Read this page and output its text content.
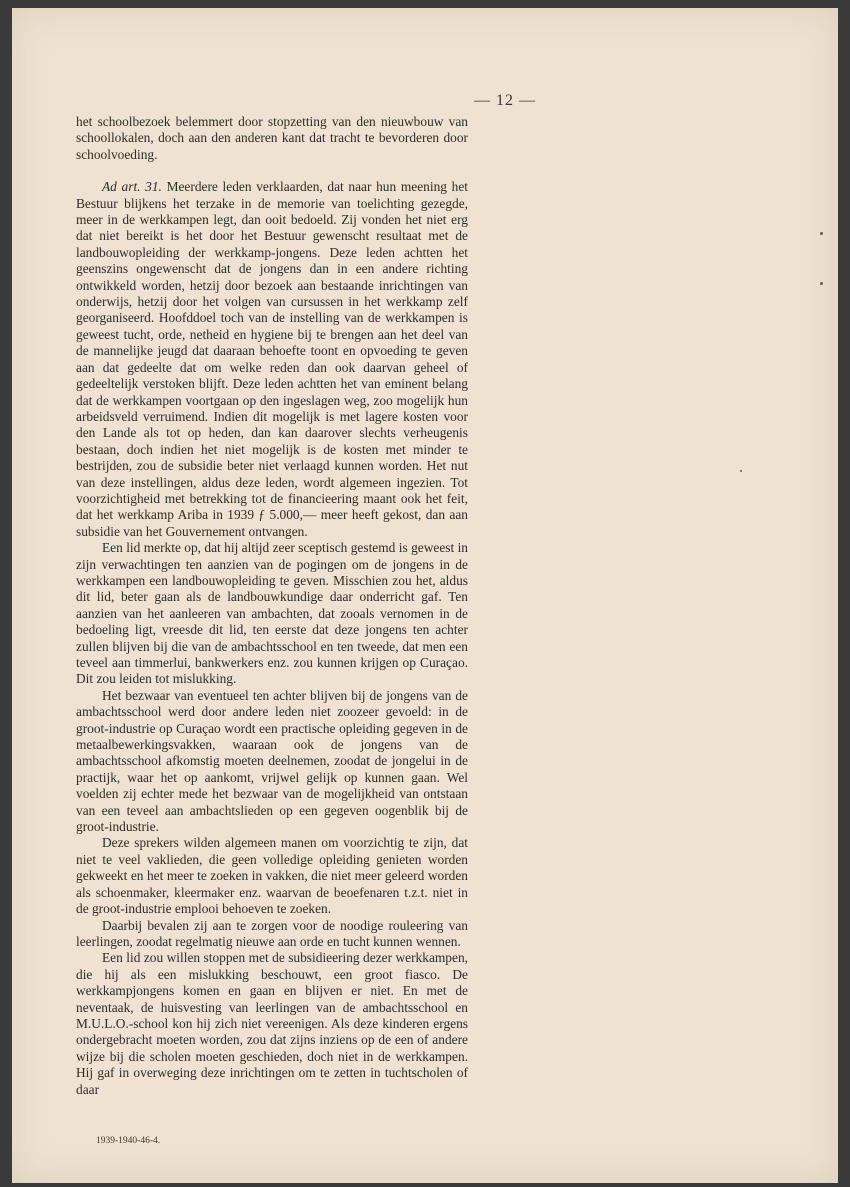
— 12 —

het schoolbezoek belemmert door stopzetting van den nieuwbouw van schoollokalen, doch aan den anderen kant dat tracht te bevorderen door schoolvoeding.

Ad art. 31. Meerdere leden verklaarden, dat naar hun meening het Bestuur blijkens het terzake in de memorie van toelichting gezegde, meer in de werkkampen legt, dan ooit bedoeld. Zij vonden het niet erg dat niet bereikt is het door het Bestuur gewenscht resultaat met de landbouwopleiding der werkkamp-jongens. Deze leden achtten het geenszins ongewenscht dat de jongens dan in een andere richting ontwikkeld worden, hetzij door bezoek aan bestaande inrichtingen van onderwijs, hetzij door het volgen van cursussen in het werkkamp zelf georganiseerd. Hoofddoel toch van de instelling van de werkkampen is geweest tucht, orde, netheid en hygiene bij te brengen aan het deel van de mannelijke jeugd dat daaraan behoefte toont en opvoeding te geven aan dat gedeelte dat om welke reden dan ook daarvan geheel of gedeeltelijk verstoken blijft. Deze leden achtten het van eminent belang dat de werkkampen voortgaan op den ingeslagen weg, zoo mogelijk hun arbeidsveld verruimend. Indien dit mogelijk is met lagere kosten voor den Lande als tot op heden, dan kan daarover slechts verheugenis bestaan, doch indien het niet mogelijk is de kosten met minder te bestrijden, zou de subsidie beter niet verlaagd kunnen worden. Het nut van deze instellingen, aldus deze leden, wordt algemeen ingezien. Tot voorzichtigheid met betrekking tot de financieering maant ook het feit, dat het werkkamp Ariba in 1939 ƒ 5.000,— meer heeft gekost, dan aan subsidie van het Gouvernement ontvangen.

Een lid merkte op, dat hij altijd zeer sceptisch gestemd is geweest in zijn verwachtingen ten aanzien van de pogingen om de jongens in de werkkampen een landbouwopleiding te geven. Misschien zou het, aldus dit lid, beter gaan als de landbouwkundige daar onderricht gaf. Ten aanzien van het aanleeren van ambachten, dat zooals vernomen in de bedoeling ligt, vreesde dit lid, ten eerste dat deze jongens ten achter zullen blijven bij die van de ambachtsschool en ten tweede, dat men een teveel aan timmerlui, bankwerkers enz. zou kunnen krijgen op Curaçao. Dit zou leiden tot mislukking.

Het bezwaar van eventueel ten achter blijven bij de jongens van de ambachtsschool werd door andere leden niet zoozeer gevoeld: in de groot-industrie op Curaçao wordt een practische opleiding gegeven in de metaalbewerkingsvakken, waaraan ook de jongens van de ambachtsschool afkomstig moeten deelnemen, zoodat de jongelui in de practijk, waar het op aankomt, vrijwel gelijk op kunnen gaan. Wel voelden zij echter mede het bezwaar van de mogelijkheid van ontstaan van een teveel aan ambachtslieden op een gegeven oogenblik bij de groot-industrie.

Deze sprekers wilden algemeen manen om voorzichtig te zijn, dat niet te veel vaklieden, die geen volledige opleiding genieten worden gekweekt en het meer te zoeken in vakken, die niet meer geleerd worden als schoenmaker, kleermaker enz. waarvan de beoefenaren t.z.t. niet in de groot-industrie emplooi behoeven te zoeken.

Daarbij bevalen zij aan te zorgen voor de noodige rouleering van leerlingen, zoodat regelmatig nieuwe aan orde en tucht kunnen wennen.

Een lid zou willen stoppen met de subsidieering dezer werkkampen, die hij als een mislukking beschouwt, een groot fiasco. De werkkampjongens komen en gaan en blijven er niet. En met de neventaak, de huisvesting van leerlingen van de ambachtsschool en M.U.L.O.-school kon hij zich niet vereenigen. Als deze kinderen ergens ondergebracht moeten worden, zou dat zijns inziens op de een of andere wijze bij die scholen moeten geschieden, doch niet in de werkkampen. Hij gaf in overweging deze inrichtingen om te zetten in tuchtscholen of daar

1939-1940-46-4.
